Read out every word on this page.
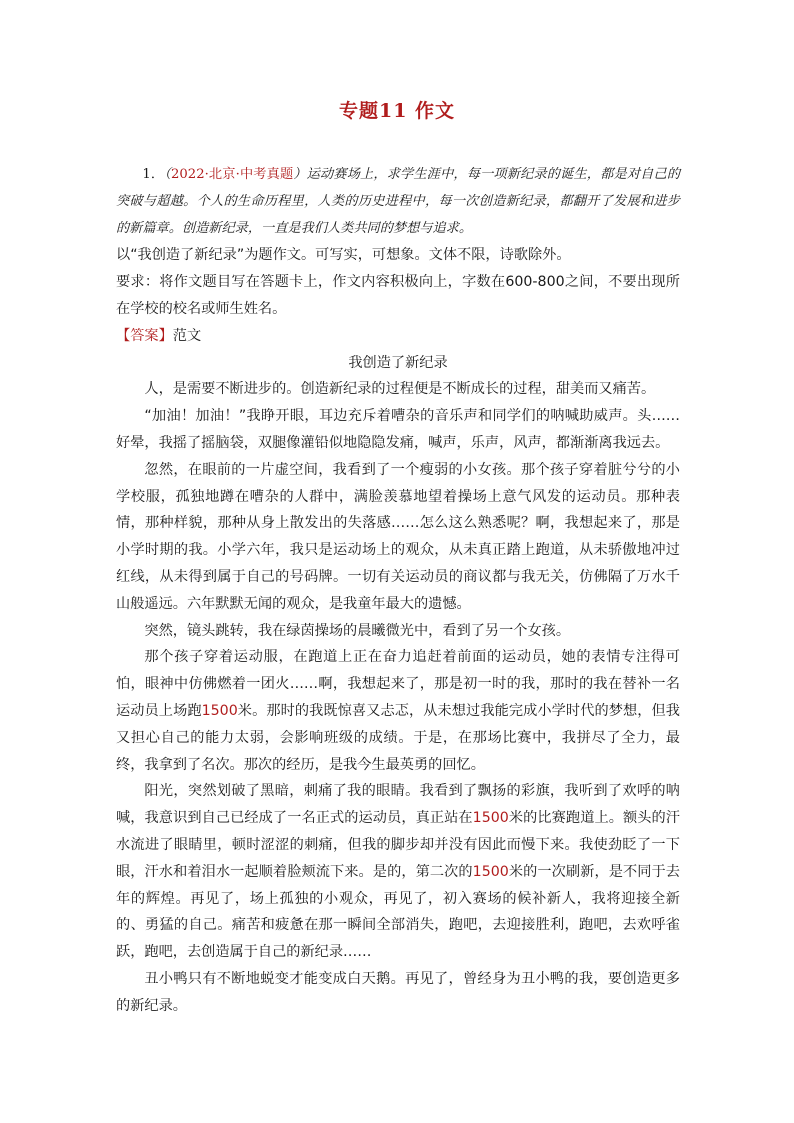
专题11 作文

1．（2022·北京·中考真题）运动赛场上，求学生涯中，每一项新纪录的诞生，都是对自己的突破与超越。个人的生命历程里，人类的历史进程中，每一次创造新纪录，都翻开了发展和进步的新篇章。创造新纪录，一直是我们人类共同的梦想与追求。

以“我创造了新纪录”为题作文。可写实，可想象。文体不限，诗歌除外。

要求：将作文题目写在答题卡上，作文内容积极向上，字数在600-800之间，不要出现所在学校的校名或师生姓名。

【答案】范文

我创造了新纪录

人，是需要不断进步的。创造新纪录的过程便是不断成长的过程，甜美而又痛苦。

“加油！加油！”我睁开眼，耳边充斥着嘈杂的音乐声和同学们的呐喊助威声。头……好晕，我摇了摇脑袋，双腿像灌铅似地隐隐发痛，喊声，乐声，风声，都渐渐离我远去。

忽然，在眼前的一片虚空间，我看到了一个瘦弱的小女孩。那个孩子穿着脏兮兮的小学校服，孤独地蹲在嘈杂的人群中，满脸羡慕地望着操场上意气风发的运动员。那种表情，那种样貌，那种从身上散发出的失落感……怎么这么熟悉呢？啊，我想起来了，那是小学时期的我。小学六年，我只是运动场上的观众，从未真正踏上跑道，从未骄傲地冲过红线，从未得到属于自己的号码牌。一切有关运动员的商议都与我无关，仿佛隔了万水千山般遥远。六年默默无闻的观众，是我童年最大的遗憾。

突然，镜头跳转，我在绿茵操场的晨曦微光中，看到了另一个女孩。

那个孩子穿着运动服，在跑道上正在奋力追赶着前面的运动员，她的表情专注得可怕，眼神中仿佛燃着一团火……啊，我想起来了，那是初一时的我，那时的我在替补一名运动员上场跑1500米。那时的我既惊喜又忐忑，从未想过我能完成小学时代的梦想，但我又担心自己的能力太弱，会影响班级的成绩。于是，在那场比赛中，我拼尽了全力，最终，我拿到了名次。那次的经历，是我今生最英勇的回忆。

阳光，突然划破了黑暗，刺痛了我的眼睛。我看到了飘扬的彩旗，我听到了欢呼的呐喊，我意识到自己已经成了一名正式的运动员，真正站在1500米的比赛跑道上。额头的汗水流进了眼睛里，顿时涩涩的刺痛，但我的脚步却并没有因此而慢下来。我使劲眨了一下眼，汗水和着泪水一起顺着脸颊流下来。是的，第二次的1500米的一次刷新，是不同于去年的辉煌。再见了，场上孤独的小观众，再见了，初入赛场的候补新人，我将迎接全新的、勇猛的自己。痛苦和疲惫在那一瞬间全部消失，跑吧，去迎接胜利，跑吧，去欢呼雀跃，跑吧，去创造属于自己的新纪录……

丑小鸭只有不断地蜕变才能变成白天鹅。再见了，曾经身为丑小鸭的我，要创造更多的新纪录。
